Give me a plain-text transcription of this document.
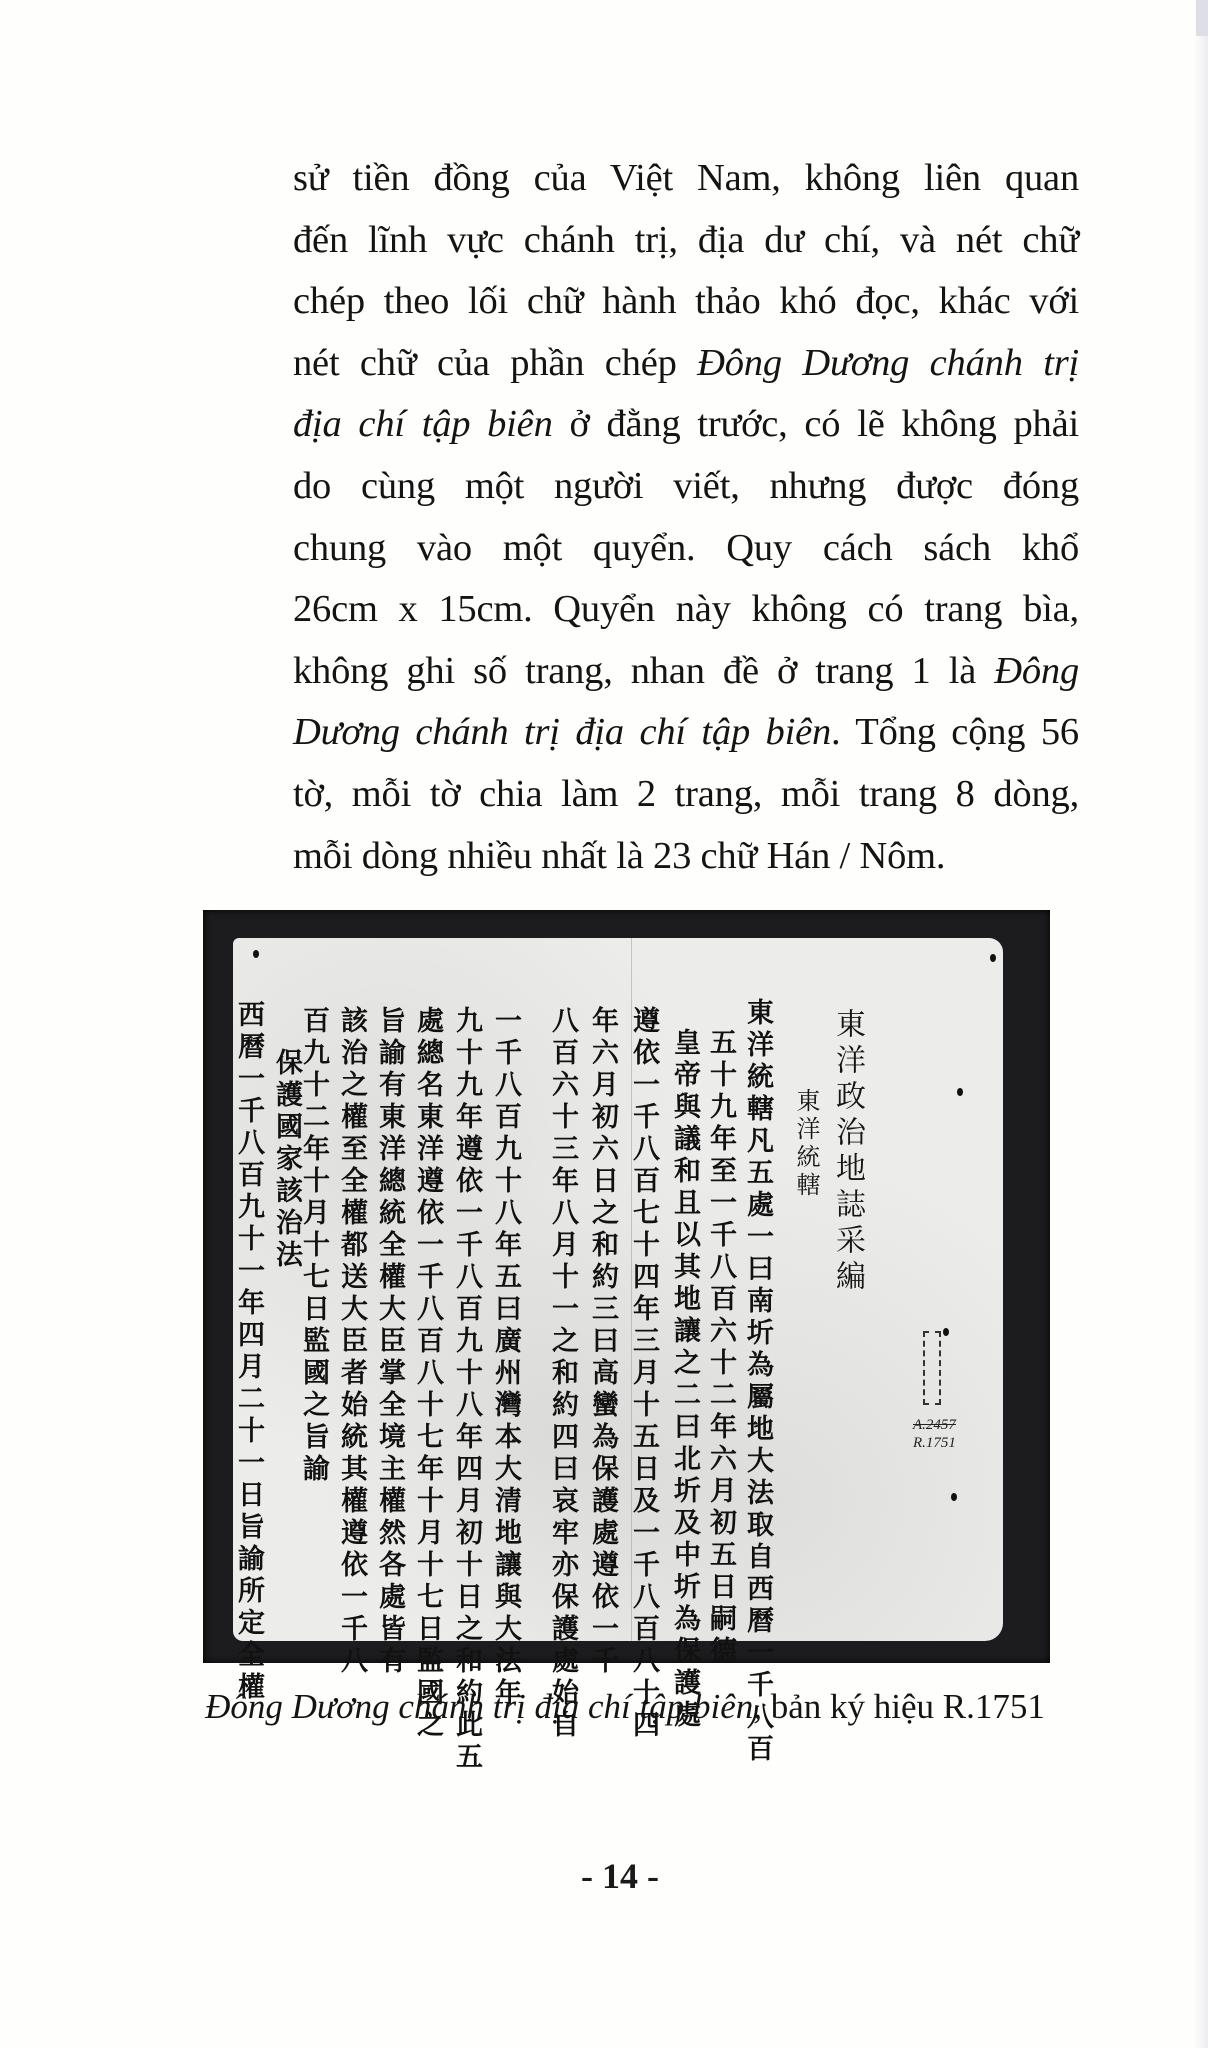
sử tiền đồng của Việt Nam, không liên quan
đến lĩnh vực chánh trị, địa dư chí, và nét chữ
chép theo lối chữ hành thảo khó đọc, khác với
nét chữ của phần chép Đông Dương chánh trị
địa chí tập biên ở đằng trước, có lẽ không phải
do cùng một người viết, nhưng được đóng
chung vào một quyển. Quy cách sách khổ
26cm x 15cm. Quyển này không có trang bìa,
không ghi số trang, nhan đề ở trang 1 là Đông
Dương chánh trị địa chí tập biên. Tổng cộng 56
tờ, mỗi tờ chia làm 2 trang, mỗi trang 8 dòng,
mỗi dòng nhiều nhất là 23 chữ Hán / Nôm.
東洋政治地誌采編
東洋統轄
A.2457
R.1751
東洋統轄凡五處一曰南圻為屬地大法取自西曆一千八百
五十九年至一千八百六十二年六月初五日嗣德
皇帝與議和且以其地讓之二曰北圻及中圻為保護處
遵依一千八百七十四年三月十五日及一千八百八十四
年六月初六日之和約三曰高蠻為保護處遵依一千
八百六十三年八月十一之和約四曰哀牢亦保護處始自
一千八百九十八年五曰廣州灣本大清地讓與大法年
九十九年遵依一千八百九十八年四月初十日之和約此五
處總名東洋遵依一千八百八十七年十月十七日監國之
旨諭有東洋總統全權大臣掌全境主權然各處皆有
該治之權至全權都送大臣者始統其權遵依一千八
百九十二年十月十七日監國之旨諭
保護國家該治法
西曆一千八百九十一年四月二十一日旨諭所定全權
Đông Dương chánh trị địa chí tập biên, bản ký hiệu R.1751
- 14 -
